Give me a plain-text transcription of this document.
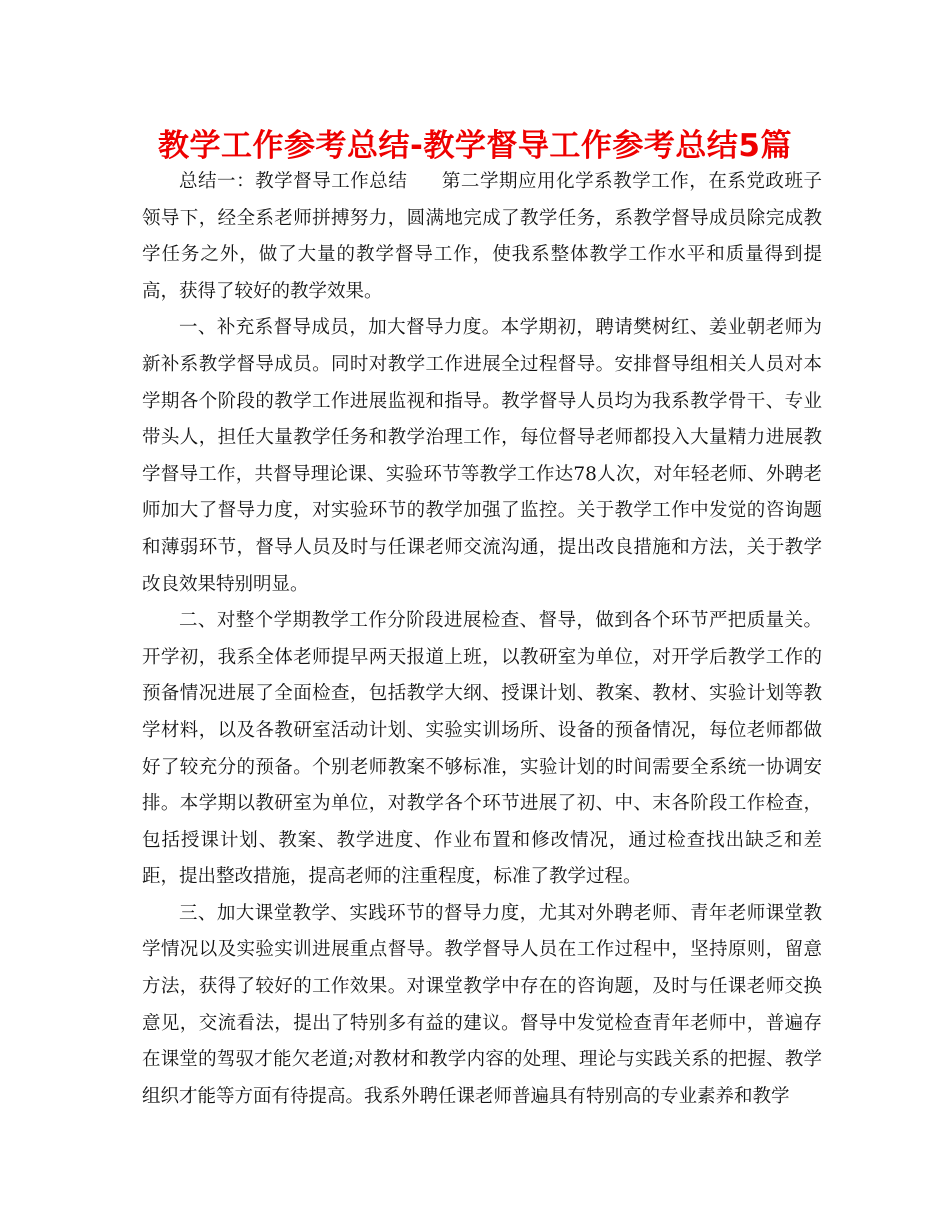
教学工作参考总结-教学督导工作参考总结5篇

总结一：教学督导工作总结 第二学期应用化学系教学工作，在系党政班子领导下，经全系老师拼搏努力，圆满地完成了教学任务，系教学督导成员除完成教学任务之外，做了大量的教学督导工作，使我系整体教学工作水平和质量得到提高，获得了较好的教学效果。

一、补充系督导成员，加大督导力度。本学期初，聘请樊树红、姜业朝老师为新补系教学督导成员。同时对教学工作进展全过程督导。安排督导组相关人员对本学期各个阶段的教学工作进展监视和指导。教学督导人员均为我系教学骨干、专业带头人，担任大量教学任务和教学治理工作，每位督导老师都投入大量精力进展教学督导工作，共督导理论课、实验环节等教学工作达78人次，对年轻老师、外聘老师加大了督导力度，对实验环节的教学加强了监控。关于教学工作中发觉的咨询题和薄弱环节，督导人员及时与任课老师交流沟通，提出改良措施和方法，关于教学改良效果特别明显。

二、对整个学期教学工作分阶段进展检查、督导，做到各个环节严把质量关。开学初，我系全体老师提早两天报道上班，以教研室为单位，对开学后教学工作的预备情况进展了全面检查，包括教学大纲、授课计划、教案、教材、实验计划等教学材料，以及各教研室活动计划、实验实训场所、设备的预备情况，每位老师都做好了较充分的预备。个别老师教案不够标准，实验计划的时间需要全系统一协调安排。本学期以教研室为单位，对教学各个环节进展了初、中、末各阶段工作检查，包括授课计划、教案、教学进度、作业布置和修改情况，通过检查找出缺乏和差距，提出整改措施，提高老师的注重程度，标准了教学过程。

三、加大课堂教学、实践环节的督导力度，尤其对外聘老师、青年老师课堂教学情况以及实验实训进展重点督导。教学督导人员在工作过程中，坚持原则，留意方法，获得了较好的工作效果。对课堂教学中存在的咨询题，及时与任课老师交换意见，交流看法，提出了特别多有益的建议。督导中发觉检查青年老师中，普遍存在课堂的驾驭才能欠老道;对教材和教学内容的处理、理论与实践关系的把握、教学组织才能等方面有待提高。我系外聘任课老师普遍具有特别高的专业素养和教学
